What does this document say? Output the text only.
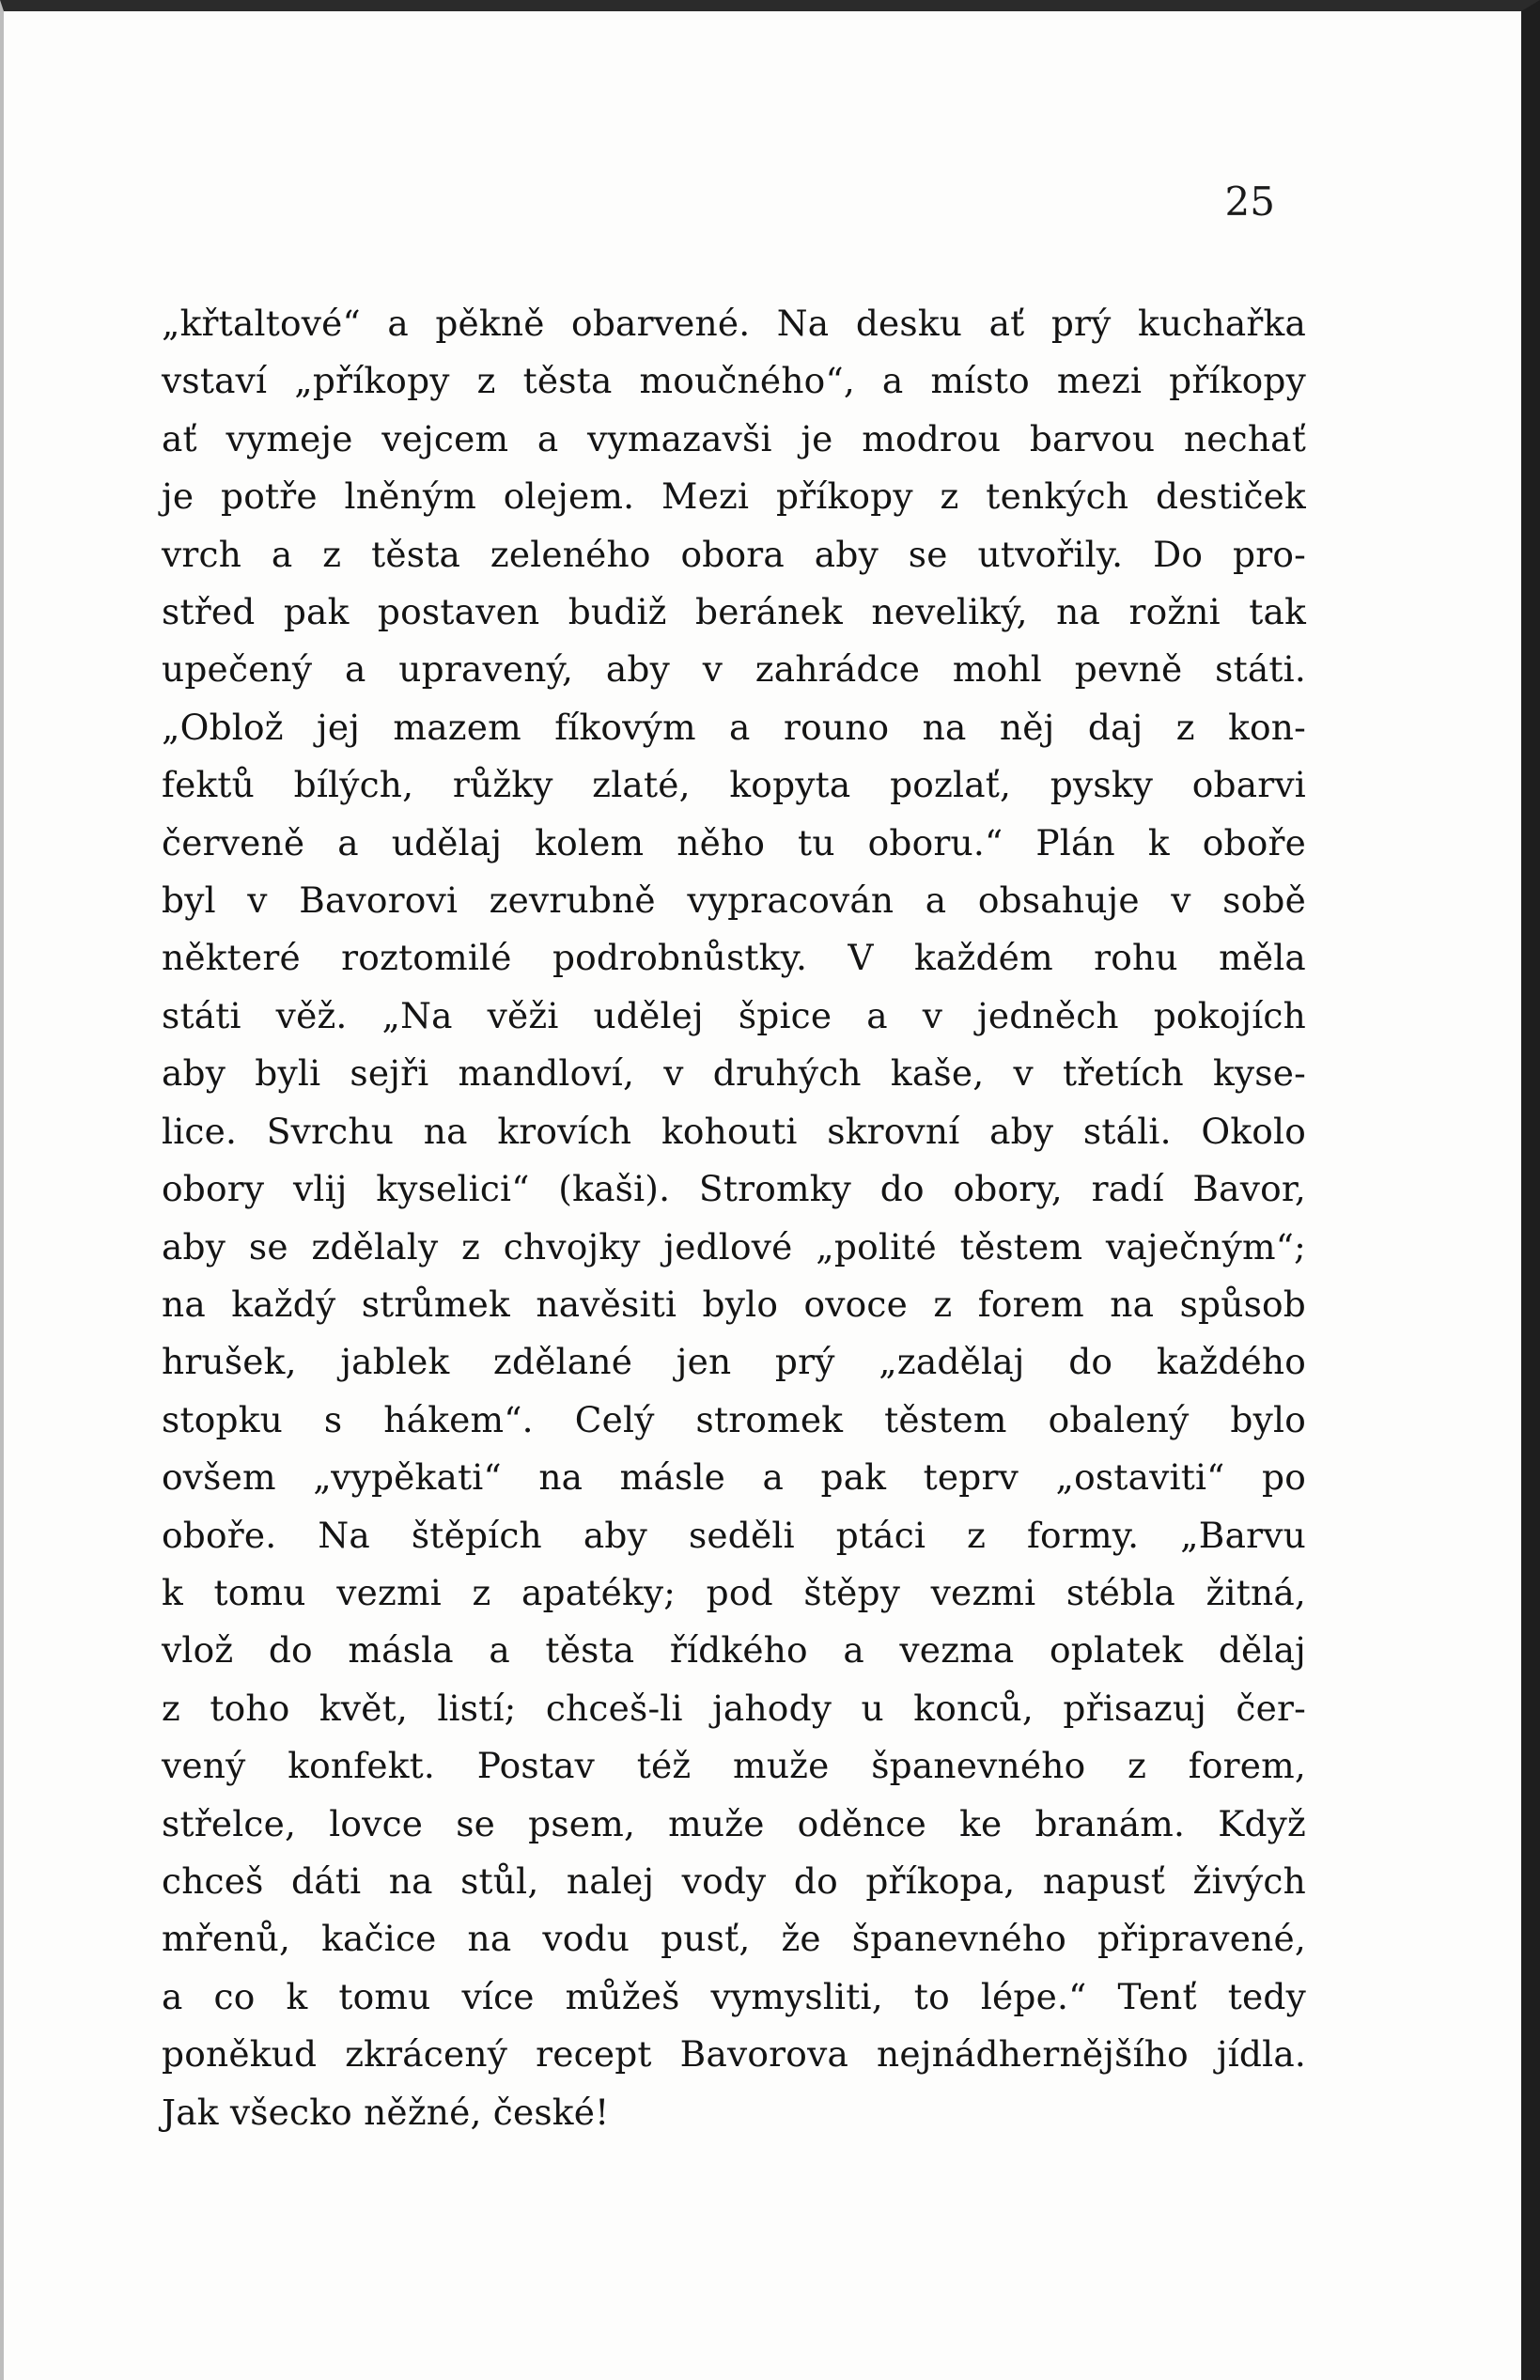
25
„křtaltové“ a pěkně obarvené. Na desku ať prý kuchařka
vstaví „příkopy z těsta moučného“, a místo mezi příkopy
ať vymeje vejcem a vymazavši je modrou barvou nechať
je potře lněným olejem. Mezi příkopy z tenkých destiček
vrch a z těsta zeleného obora aby se utvořily. Do pro-
střed pak postaven budiž beránek neveliký, na rožni tak
upečený a upravený, aby v zahrádce mohl pevně státi.
„Oblož jej mazem fíkovým a rouno na něj daj z kon-
fektů bílých, růžky zlaté, kopyta pozlať, pysky obarvi
červeně a udělaj kolem něho tu oboru.“ Plán k oboře
byl v Bavorovi zevrubně vypracován a obsahuje v sobě
některé roztomilé podrobnůstky. V každém rohu měla
státi věž. „Na věži udělej špice a v jedněch pokojích
aby byli sejři mandloví, v druhých kaše, v třetích kyse-
lice. Svrchu na krovích kohouti skrovní aby stáli. Okolo
obory vlij kyselici“ (kaši). Stromky do obory, radí Bavor,
aby se zdělaly z chvojky jedlové „polité těstem vaječným“;
na každý strůmek navěsiti bylo ovoce z forem na spůsob
hrušek, jablek zdělané jen prý „zadělaj do každého
stopku s hákem“. Celý stromek těstem obalený bylo
ovšem „vypěkati“ na másle a pak teprv „ostaviti“ po
oboře. Na štěpích aby seděli ptáci z formy. „Barvu
k tomu vezmi z apatéky; pod štěpy vezmi stébla žitná,
vlož do másla a těsta řídkého a vezma oplatek dělaj
z toho květ, listí; chceš-li jahody u konců, přisazuj čer-
vený konfekt. Postav též muže španevného z forem,
střelce, lovce se psem, muže oděnce ke branám. Když
chceš dáti na stůl, nalej vody do příkopa, napusť živých
mřenů, kačice na vodu pusť, že španevného připravené,
a co k tomu více můžeš vymysliti, to lépe.“ Tenť tedy
poněkud zkrácený recept Bavorova nejnádhernějšího jídla.
Jak všecko něžné, české!
